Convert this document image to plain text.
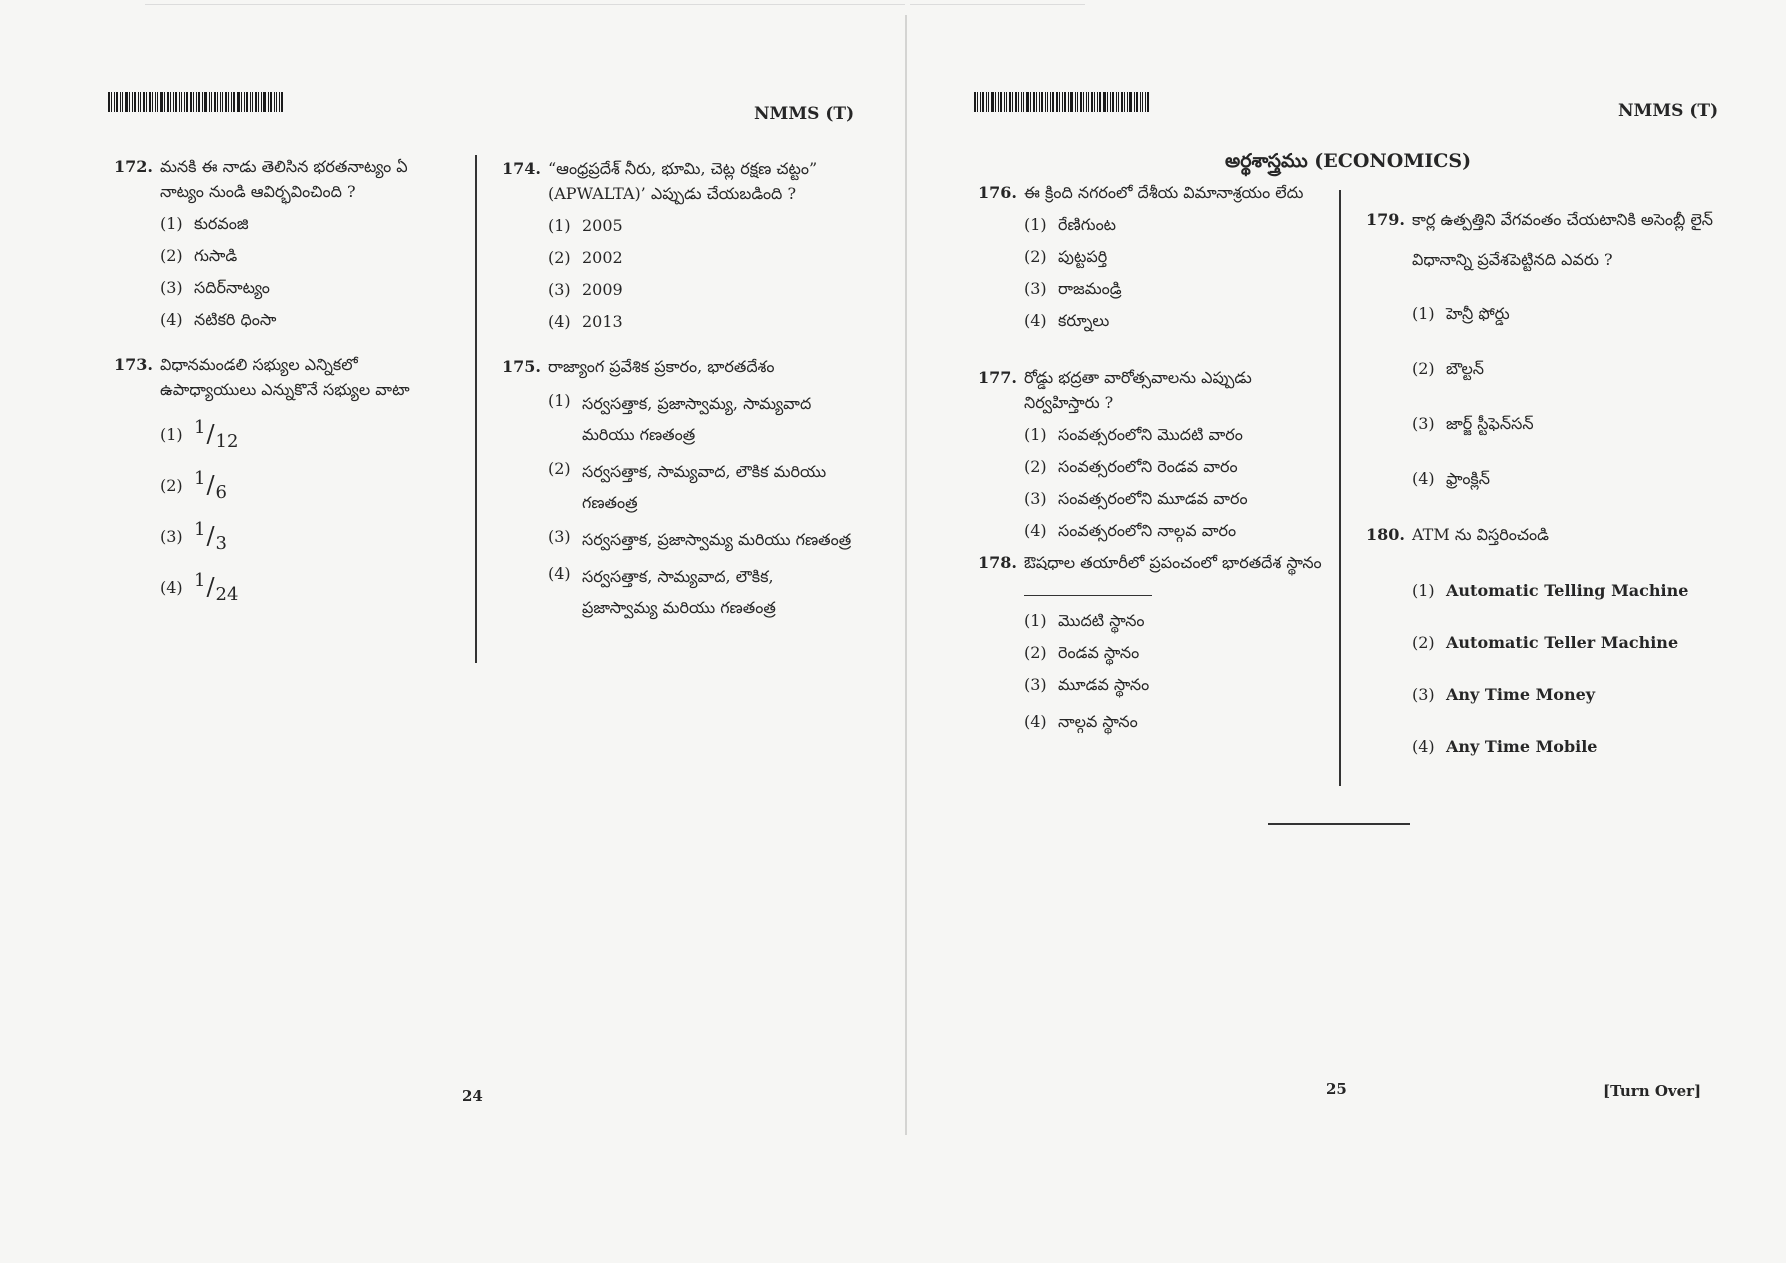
NMMS (T)
172. మనకి ఈ నాడు తెలిసిన భరతనాట్యం ఏ నాట్యం నుండి ఆవిర్భవించింది ?
(1) కురవంజి
(2) గుసాడి
(3) సదిర్‌నాట్యం
(4) నటికరి ధింసా
173. విధానమండలి సభ్యుల ఎన్నికలో ఉపాధ్యాయులు ఎన్నుకొనే సభ్యుల వాటా
(1) 1 / 12
(2) 1 / 6
(3) 1 / 3
(4) 1 / 24
174. “ఆంధ్రప్రదేశ్ నీరు, భూమి, చెట్ల రక్షణ చట్టం” (APWALTA)’ ఎప్పుడు చేయబడింది ?
(1) 2005
(2) 2002
(3) 2009
(4) 2013
175. రాజ్యాంగ ప్రవేశిక ప్రకారం, భారతదేశం
(1) సర్వసత్తాక, ప్రజాస్వామ్య, సామ్యవాద మరియు గణతంత్ర
(2) సర్వసత్తాక, సామ్యవాద, లౌకిక మరియు గణతంత్ర
(3) సర్వసత్తాక, ప్రజాస్వామ్య మరియు గణతంత్ర
(4) సర్వసత్తాక, సామ్యవాద, లౌకిక, ప్రజాస్వామ్య మరియు గణతంత్ర
24
NMMS (T)
అర్థశాస్త్రము (ECONOMICS)
176. ఈ క్రింది నగరంలో దేశీయ విమానాశ్రయం లేదు
(1) రేణిగుంట
(2) పుట్టపర్తి
(3) రాజమండ్రి
(4) కర్నూలు
177. రోడ్డు భద్రతా వారోత్సవాలను ఎప్పుడు నిర్వహిస్తారు ?
(1) సంవత్సరంలోని మొదటి వారం
(2) సంవత్సరంలోని రెండవ వారం
(3) సంవత్సరంలోని మూడవ వారం
(4) సంవత్సరంలోని నాల్గవ వారం
178. ఔషధాల తయారీలో ప్రపంచంలో భారతదేశ స్థానం
(1) మొదటి స్థానం
(2) రెండవ స్థానం
(3) మూడవ స్థానం
(4) నాల్గవ స్థానం
179. కార్ల ఉత్పత్తిని వేగవంతం చేయటానికి అసెంబ్లీ లైన్ విధానాన్ని ప్రవేశపెట్టినది ఎవరు ?
(1) హెన్రీ ఫోర్డు
(2) బౌల్టన్
(3) జార్జ్ స్టీఫెన్‌సన్
(4) ఫ్రాంక్లిన్
180. ATM ను విస్తరించండి
(1) Automatic Telling Machine
(2) Automatic Teller Machine
(3) Any Time Money
(4) Any Time Mobile
25	[Turn Over]
